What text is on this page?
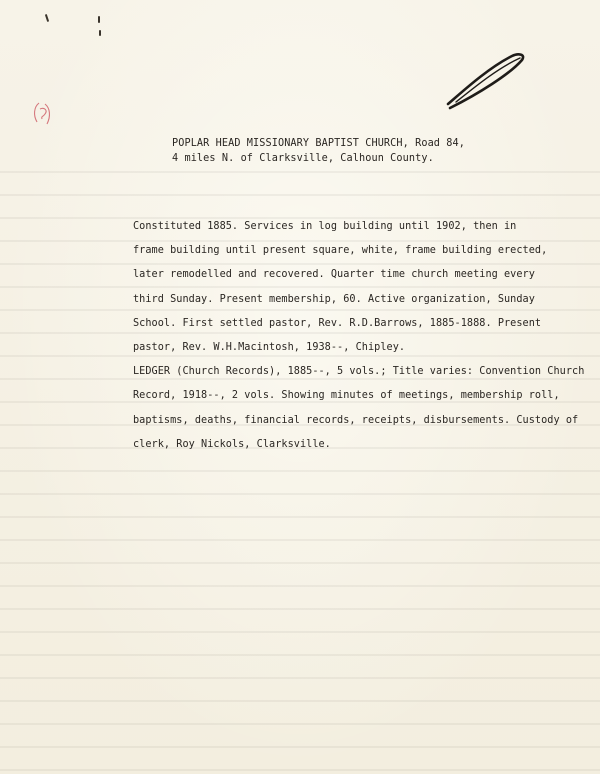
POPLAR HEAD MISSIONARY BAPTIST CHURCH, Road 84,
4 miles N. of Clarksville, Calhoun County.
Constituted 1885. Services in log building until 1902, then in
frame building until present square, white, frame building erected,
later remodelled and recovered. Quarter time church meeting every
third Sunday. Present membership, 60. Active organization, Sunday
School. First settled pastor, Rev. R.D.Barrows, 1885-1888. Present
pastor, Rev. W.H.Macintosh, 1938--, Chipley.
LEDGER (Church Records), 1885--, 5 vols.; Title varies: Convention Church
Record, 1918--, 2 vols. Showing minutes of meetings, membership roll,
baptisms, deaths, financial records, receipts, disbursements. Custody of
clerk, Roy Nickols, Clarksville.
